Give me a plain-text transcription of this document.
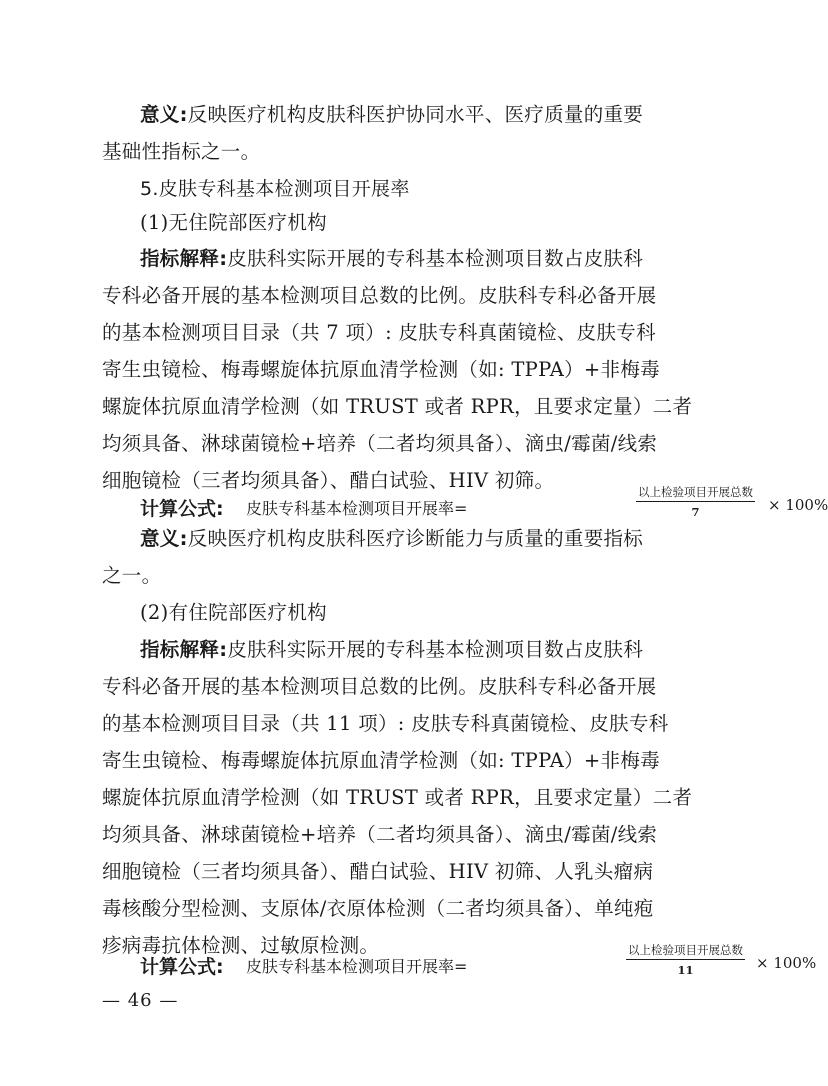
意义:反映医疗机构皮肤科医护协同水平、医疗质量的重要
基础性指标之一。
5.皮肤专科基本检测项目开展率
(1)无住院部医疗机构
指标解释:皮肤科实际开展的专科基本检测项目数占皮肤科
专科必备开展的基本检测项目总数的比例。皮肤科专科必备开展
的基本检测项目目录（共 7 项）: 皮肤专科真菌镜检、皮肤专科
寄生虫镜检、梅毒螺旋体抗原血清学检测（如: TPPA）+非梅毒
螺旋体抗原血清学检测（如 TRUST 或者 RPR，且要求定量）二者
均须具备、淋球菌镜检+培养（二者均须具备）、滴虫/霉菌/线索
细胞镜检（三者均须具备）、醋白试验、HIV 初筛。
计算公式: 皮肤专科基本检测项目开展率=
以上检验项目开展总数
7	× 100%
意义:反映医疗机构皮肤科医疗诊断能力与质量的重要指标
之一。
(2)有住院部医疗机构
指标解释:皮肤科实际开展的专科基本检测项目数占皮肤科
专科必备开展的基本检测项目总数的比例。皮肤科专科必备开展
的基本检测项目目录（共 11 项）: 皮肤专科真菌镜检、皮肤专科
寄生虫镜检、梅毒螺旋体抗原血清学检测（如: TPPA）+非梅毒
螺旋体抗原血清学检测（如 TRUST 或者 RPR，且要求定量）二者
均须具备、淋球菌镜检+培养（二者均须具备）、滴虫/霉菌/线索
细胞镜检（三者均须具备）、醋白试验、HIV 初筛、人乳头瘤病
毒核酸分型检测、支原体/衣原体检测（二者均须具备）、单纯疱
疹病毒抗体检测、过敏原检测。
计算公式: 皮肤专科基本检测项目开展率=
以上检验项目开展总数
11	× 100%
— 46 —
